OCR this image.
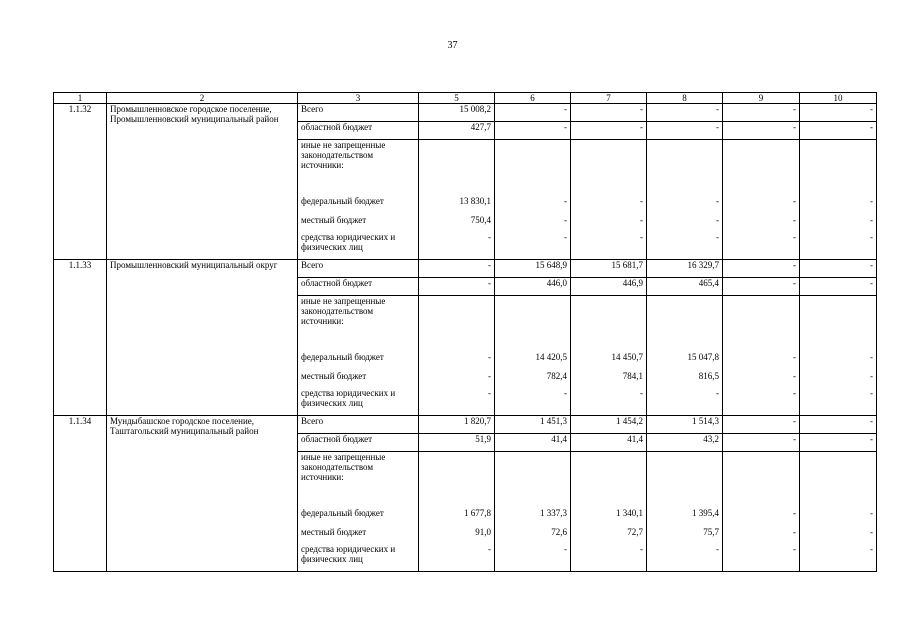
37
1	2	3	5	6	7	8	9	10
1.1.32	Промышленновское городское поселение, Промышленновский муниципальный район	Всего	15 008,2	-	-	-	-	-
		областной бюджет	427,7	-	-	-	-	-
		иные не запрещенные законодательством источники:						
		федеральный бюджет	13 830,1	-	-	-	-	-
		местный бюджет	750,4	-	-	-	-	-
		средства юридических и физических лиц	-	-	-	-	-	-
1.1.33	Промышленновский муниципальный округ	Всего	-	15 648,9	15 681,7	16 329,7	-	-
		областной бюджет	-	446,0	446,9	465,4	-	-
		иные не запрещенные законодательством источники:						
		федеральный бюджет	-	14 420,5	14 450,7	15 047,8	-	-
		местный бюджет	-	782,4	784,1	816,5	-	-
		средства юридических и физических лиц	-	-	-	-	-	-
1.1.34	Мундыбашское городское поселение, Таштагольский муниципальный район	Всего	1 820,7	1 451,3	1 454,2	1 514,3	-	-
		областной бюджет	51,9	41,4	41,4	43,2	-	-
		иные не запрещенные законодательством источники:						
		федеральный бюджет	1 677,8	1 337,3	1 340,1	1 395,4	-	-
		местный бюджет	91,0	72,6	72,7	75,7	-	-
		средства юридических и физических лиц	-	-	-	-	-	-
